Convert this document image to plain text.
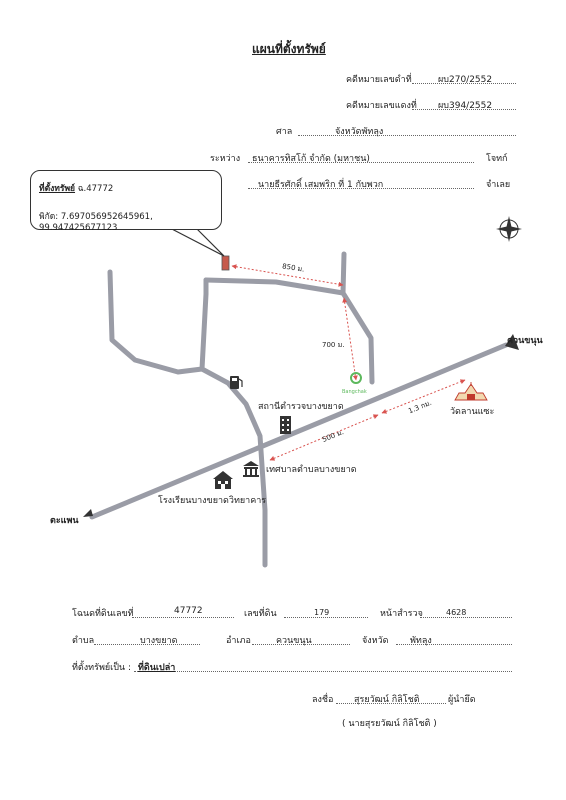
แผนที่ตั้งทรัพย์
คดีหมายเลขดำที่	ผบ270/2552
คดีหมายเลขแดงที่ ผบ394/2552
ศาล	จังหวัดพัทลุง
ระหว่าง ธนาคารทิสโก้ จำกัด (มหาชน)	โจทก์
นายธีรศักดิ์ เสมพริก ที่ 1 กับพวก	จำเลย
ที่ตั้งทรัพย์ ฉ.47772
พิกัด: 7.697056952645961, 99.947425677123
850 ม.
700 ม.
1.3 กม.
500 ม.
ควนขนุน
ตะแพน
สถานีตำรวจบางขยาด	วัดลานแซะ
เทศบาลตำบลบางขยาด
โรงเรียนบางขยาดวิทยาคาร
Bangchak
โฉนดที่ดินเลขที่	47772	เลขที่ดิน	179	หน้าสำรวจ	4628
ตำบล	บางขยาด	อำเภอ	ควนขนุน	จังหวัด พัทลุง
ที่ตั้งทรัพย์เป็น : ที่ดินเปล่า
ลงชื่อ สุรยวัฒน์ กิลิโชติ	ผู้นำยึด
( นายสุรยวัฒน์ กิลิโชติ )
